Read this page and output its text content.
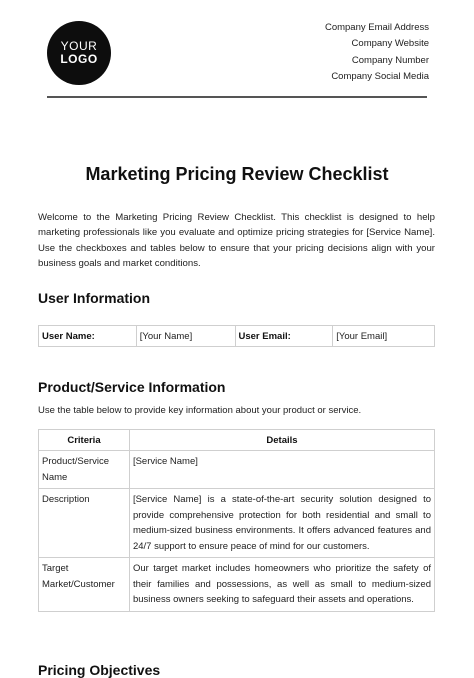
YOUR
LOGO
Company Email Address
Company Website
Company Number
Company Social Media
Marketing Pricing Review Checklist
Welcome to the Marketing Pricing Review Checklist. This checklist is designed to help marketing professionals like you evaluate and optimize pricing strategies for [Service Name]. Use the checkboxes and tables below to ensure that your pricing decisions align with your business goals and market conditions.
User Information
User Name:	[Your Name]	User Email:	[Your Email]
Product/Service Information
Use the table below to provide key information about your product or service.
Criteria	Details
Product/Service Name	[Service Name]
Description	[Service Name] is a state-of-the-art security solution designed to provide comprehensive protection for both residential and small to medium-sized business environments. It offers advanced features and 24/7 support to ensure peace of mind for our customers.
Target Market/Customer	Our target market includes homeowners who prioritize the safety of their families and possessions, as well as small to medium-sized business owners seeking to safeguard their assets and operations.
Pricing Objectives
